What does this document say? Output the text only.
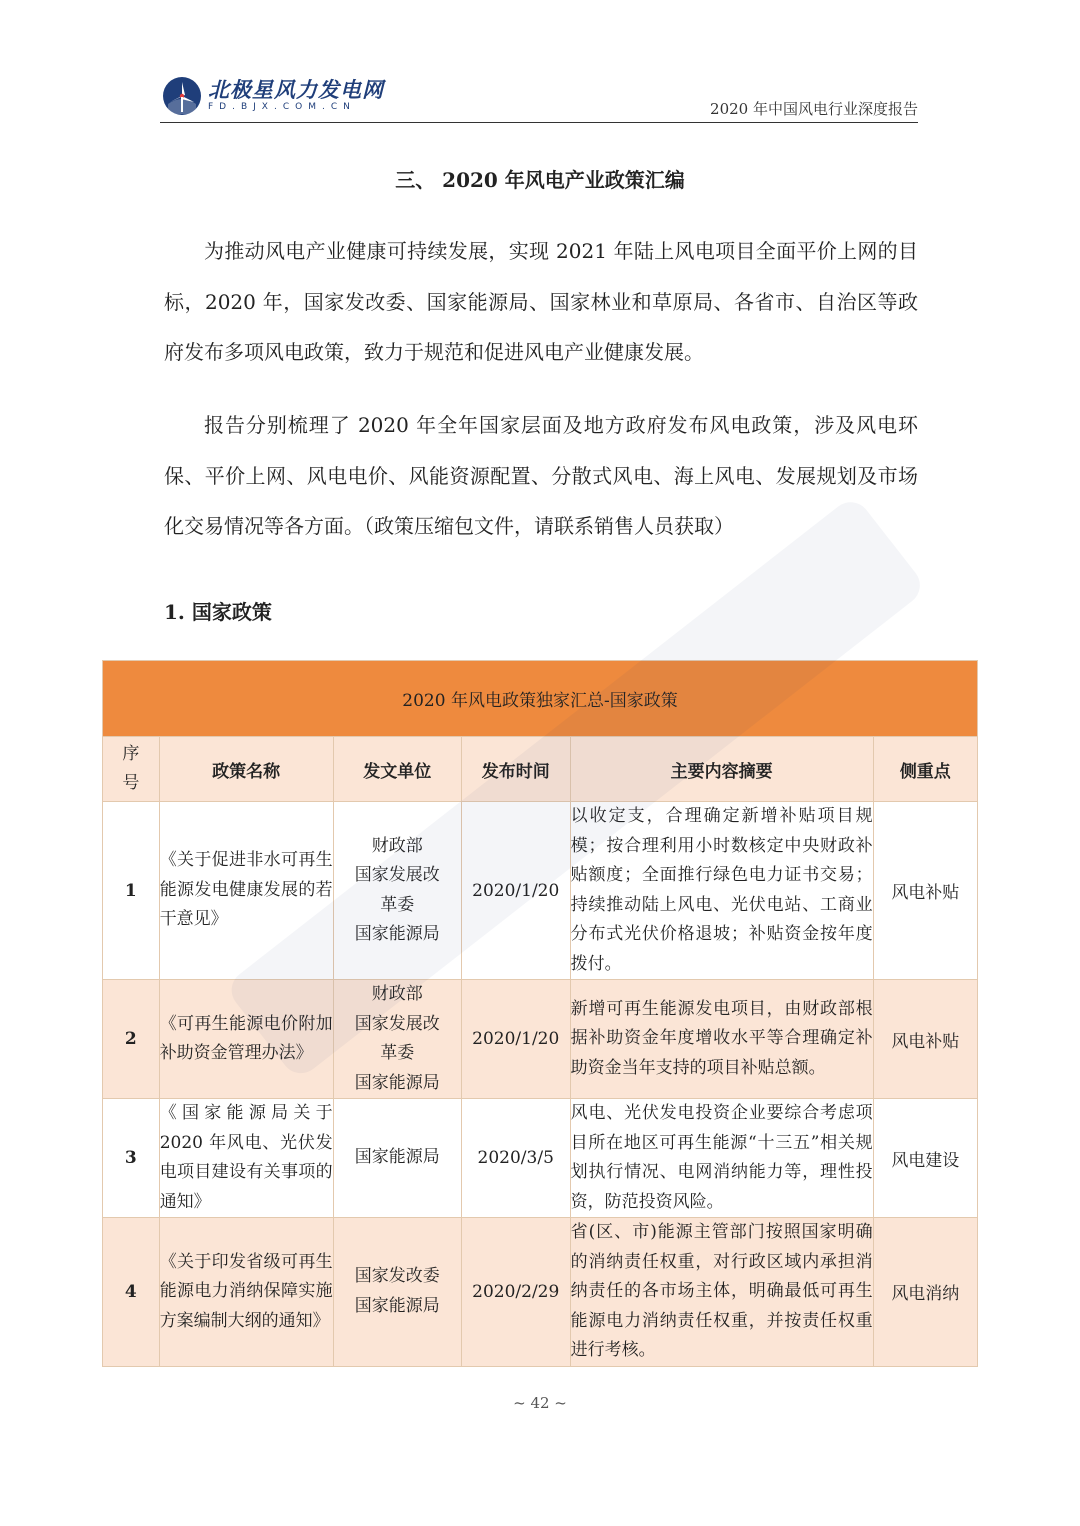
北极星风力发电网
FD.BJX.COM.CN	2020 年中国风电行业深度报告
三、 2020 年风电产业政策汇编

为推动风电产业健康可持续发展，实现 2021 年陆上风电项目全面平价上网的目标，2020 年，国家发改委、国家能源局、国家林业和草原局、各省市、自治区等政府发布多项风电政策，致力于规范和促进风电产业健康发展。

报告分别梳理了 2020 年全年国家层面及地方政府发布风电政策，涉及风电环保、平价上网、风电电价、风能资源配置、分散式风电、海上风电、发展规划及市场化交易情况等各方面。（政策压缩包文件，请联系销售人员获取）

1. 国家政策
2020 年风电政策独家汇总-国家政策					

序
号	政策名称	发文单位	发布时间	主要内容摘要	侧重点
1	《关于促进非水可再生能源发电健康发展的若干意见》	财政部
国家发展改
革委
国家能源局	2020/1/20	以收定支，合理确定新增补贴项目规模；按合理利用小时数核定中央财政补贴额度；全面推行绿色电力证书交易；持续推动陆上风电、光伏电站、工商业分布式光伏价格退坡；补贴资金按年度拨付。	风电补贴
2	《可再生能源电价附加补助资金管理办法》	财政部
国家发展改
革委
国家能源局	2020/1/20	新增可再生能源发电项目，由财政部根据补助资金年度增收水平等合理确定补助资金当年支持的项目补贴总额。	风电补贴
3	《国家能源局关于 2020 年风电、光伏发电项目建设有关事项的通知》	国家能源局	2020/3/5	风电、光伏发电投资企业要综合考虑项目所在地区可再生能源“十三五”相关规划执行情况、电网消纳能力等，理性投资，防范投资风险。	风电建设
4	《关于印发省级可再生能源电力消纳保障实施方案编制大纲的通知》	国家发改委
国家能源局	2020/2/29	省(区、市)能源主管部门按照国家明确的消纳责任权重，对行政区域内承担消纳责任的各市场主体，明确最低可再生能源电力消纳责任权重，并按责任权重进行考核。	风电消纳
~ 42 ~
